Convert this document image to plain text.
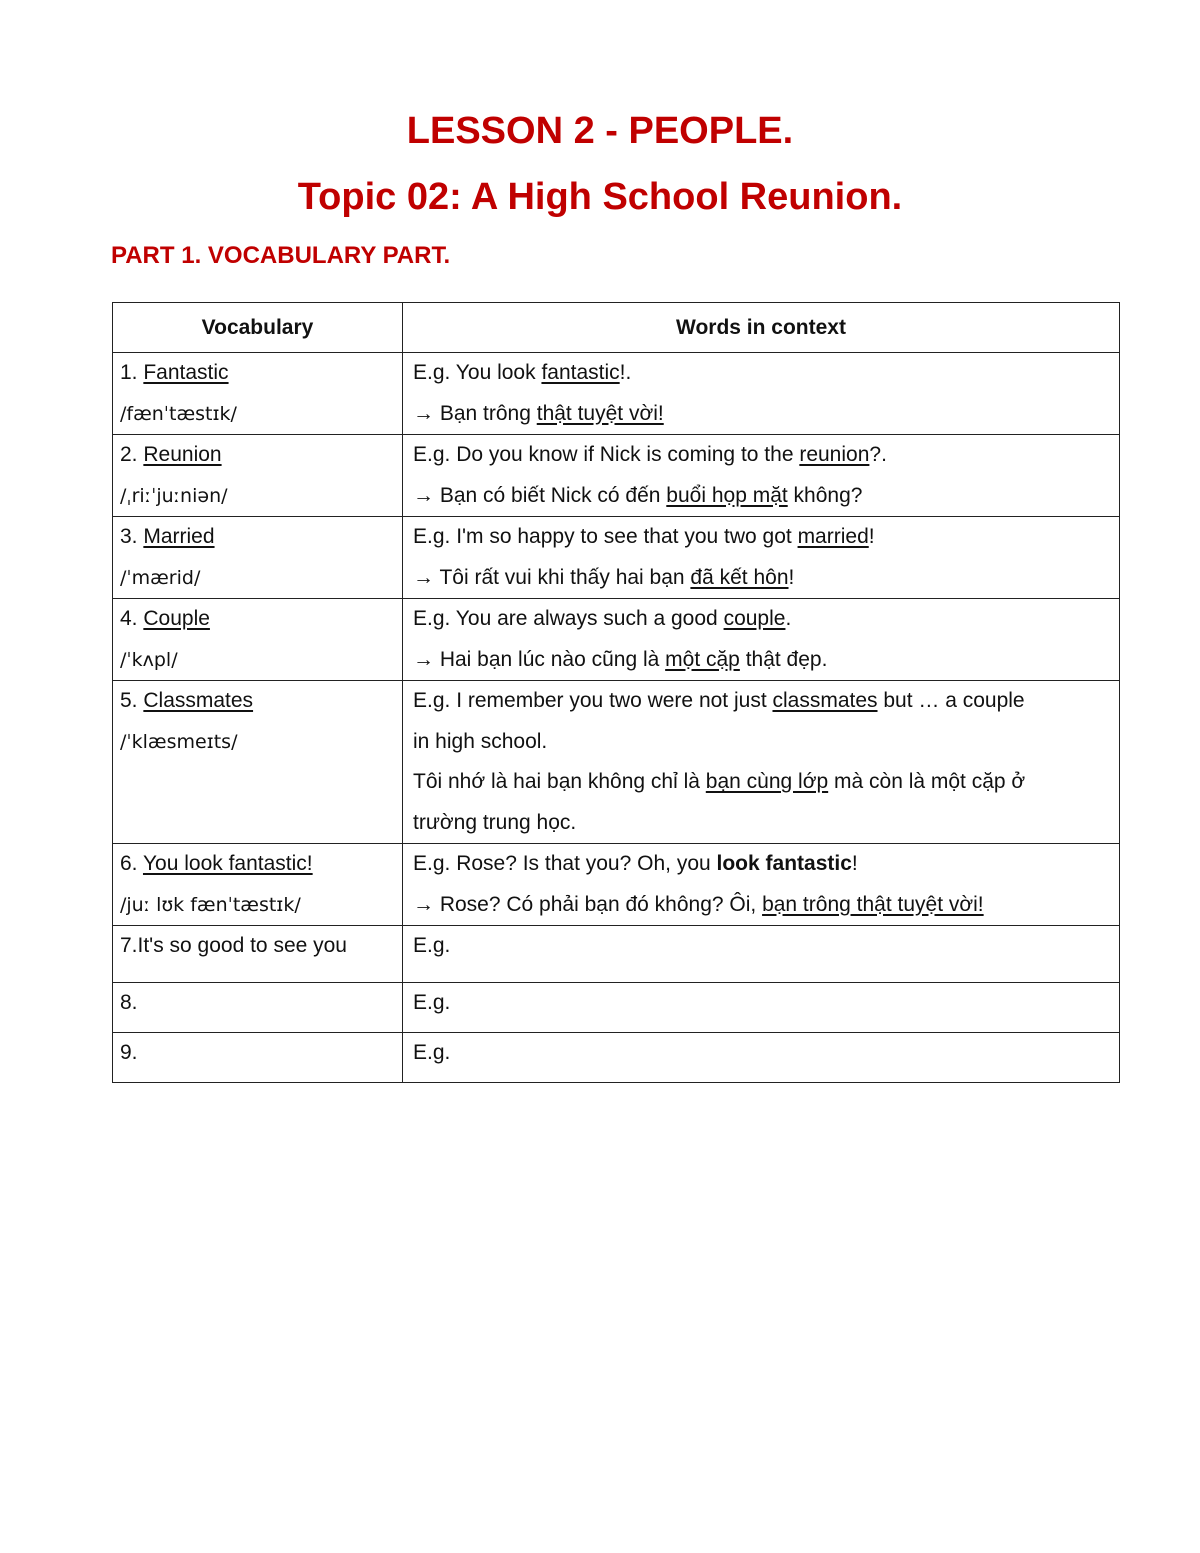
LESSON 2 - PEOPLE.
Topic 02: A High School Reunion.
PART 1. VOCABULARY PART.
Vocabulary	Words in context

1. Fantastic
/fænˈtæstɪk/	E.g. You look fantastic!.
→ Bạn trông thật tuyệt vời!

2. Reunion
/ˌriːˈjuːniən/	E.g. Do you know if Nick is coming to the reunion?.
→ Bạn có biết Nick có đến buổi họp mặt không?

3. Married
/ˈmærid/	E.g. I'm so happy to see that you two got married!
→ Tôi rất vui khi thấy hai bạn đã kết hôn!

4. Couple
/ˈkʌpl/	E.g. You are always such a good couple.
→ Hai bạn lúc nào cũng là một cặp thật đẹp.

5. Classmates
/ˈklæsmeɪts/	E.g. I remember you two were not just classmates but … a couple
in high school.
Tôi nhớ là hai bạn không chỉ là bạn cùng lớp mà còn là một cặp ở
trường trung học.

6. You look fantastic!
/juː lʊk fænˈtæstɪk/	E.g. Rose? Is that you? Oh, you look fantastic!
→ Rose? Có phải bạn đó không? Ôi, bạn trông thật tuyệt vời!

7.It's so good to see you	E.g.

8.	E.g.

9.	E.g.
